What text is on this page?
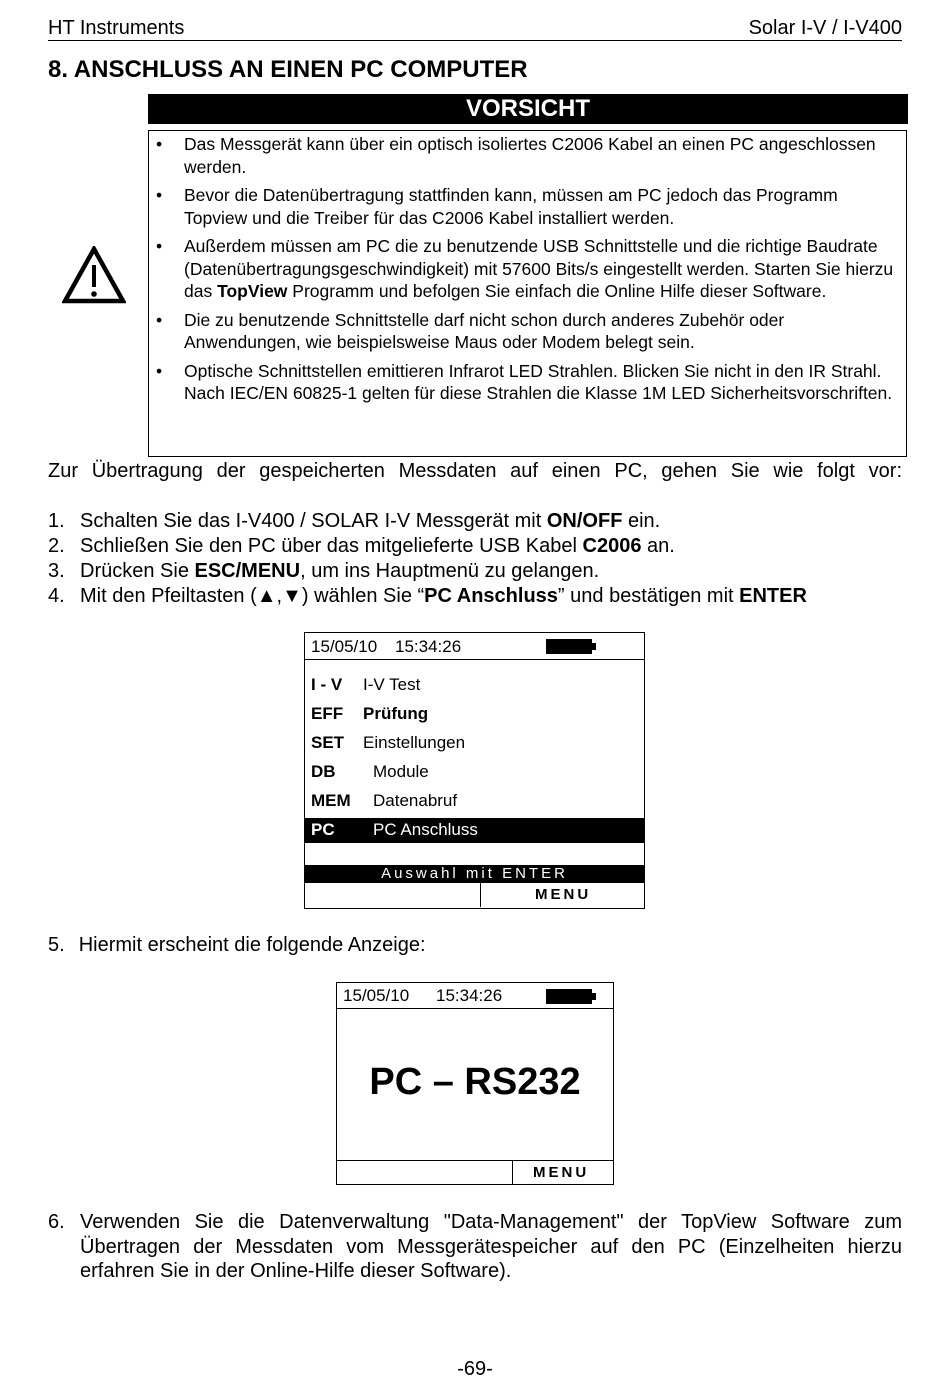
HT Instruments	Solar I-V / I-V400
8. ANSCHLUSS AN EINEN PC COMPUTER
VORSICHT
• Das Messgerät kann über ein optisch isoliertes C2006 Kabel an einen PC angeschlossen werden.
• Bevor die Datenübertragung stattfinden kann, müssen am PC jedoch das Programm Topview und die Treiber für das C2006 Kabel installiert werden.
• Außerdem müssen am PC die zu benutzende USB Schnittstelle und die richtige Baudrate (Datenübertragungsgeschwindigkeit) mit 57600 Bits/s eingestellt werden. Starten Sie hierzu das TopView Programm und befolgen Sie einfach die Online Hilfe dieser Software.
• Die zu benutzende Schnittstelle darf nicht schon durch anderes Zubehör oder Anwendungen, wie beispielsweise Maus oder Modem belegt sein.
• Optische Schnittstellen emittieren Infrarot LED Strahlen. Blicken Sie nicht in den IR Strahl. Nach IEC/EN 60825-1 gelten für diese Strahlen die Klasse 1M LED Sicherheitsvorschriften.
Zur Übertragung der gespeicherten Messdaten auf einen PC, gehen Sie wie folgt vor:
1. Schalten Sie das I-V400 / SOLAR I-V Messgerät mit ON/OFF ein.
2. Schließen Sie den PC über das mitgelieferte USB Kabel C2006 an.
3. Drücken Sie ESC/MENU, um ins Hauptmenü zu gelangen.
4. Mit den Pfeiltasten (▲,▼) wählen Sie “PC Anschluss” und bestätigen mit ENTER
15/05/10 15:34:26
I - V I-V Test
EFF Prüfung
SET Einstellungen
DB Module
MEM Datenabruf
PC PC Anschluss
Auswahl mit ENTER
MENU
5. Hiermit erscheint die folgende Anzeige:
15/05/10 15:34:26
PC – RS232
MENU
6. Verwenden Sie die Datenverwaltung "Data-Management" der TopView Software zum Übertragen der Messdaten vom Messgerätespeicher auf den PC (Einzelheiten hierzu erfahren Sie in der Online-Hilfe dieser Software).
-69-
